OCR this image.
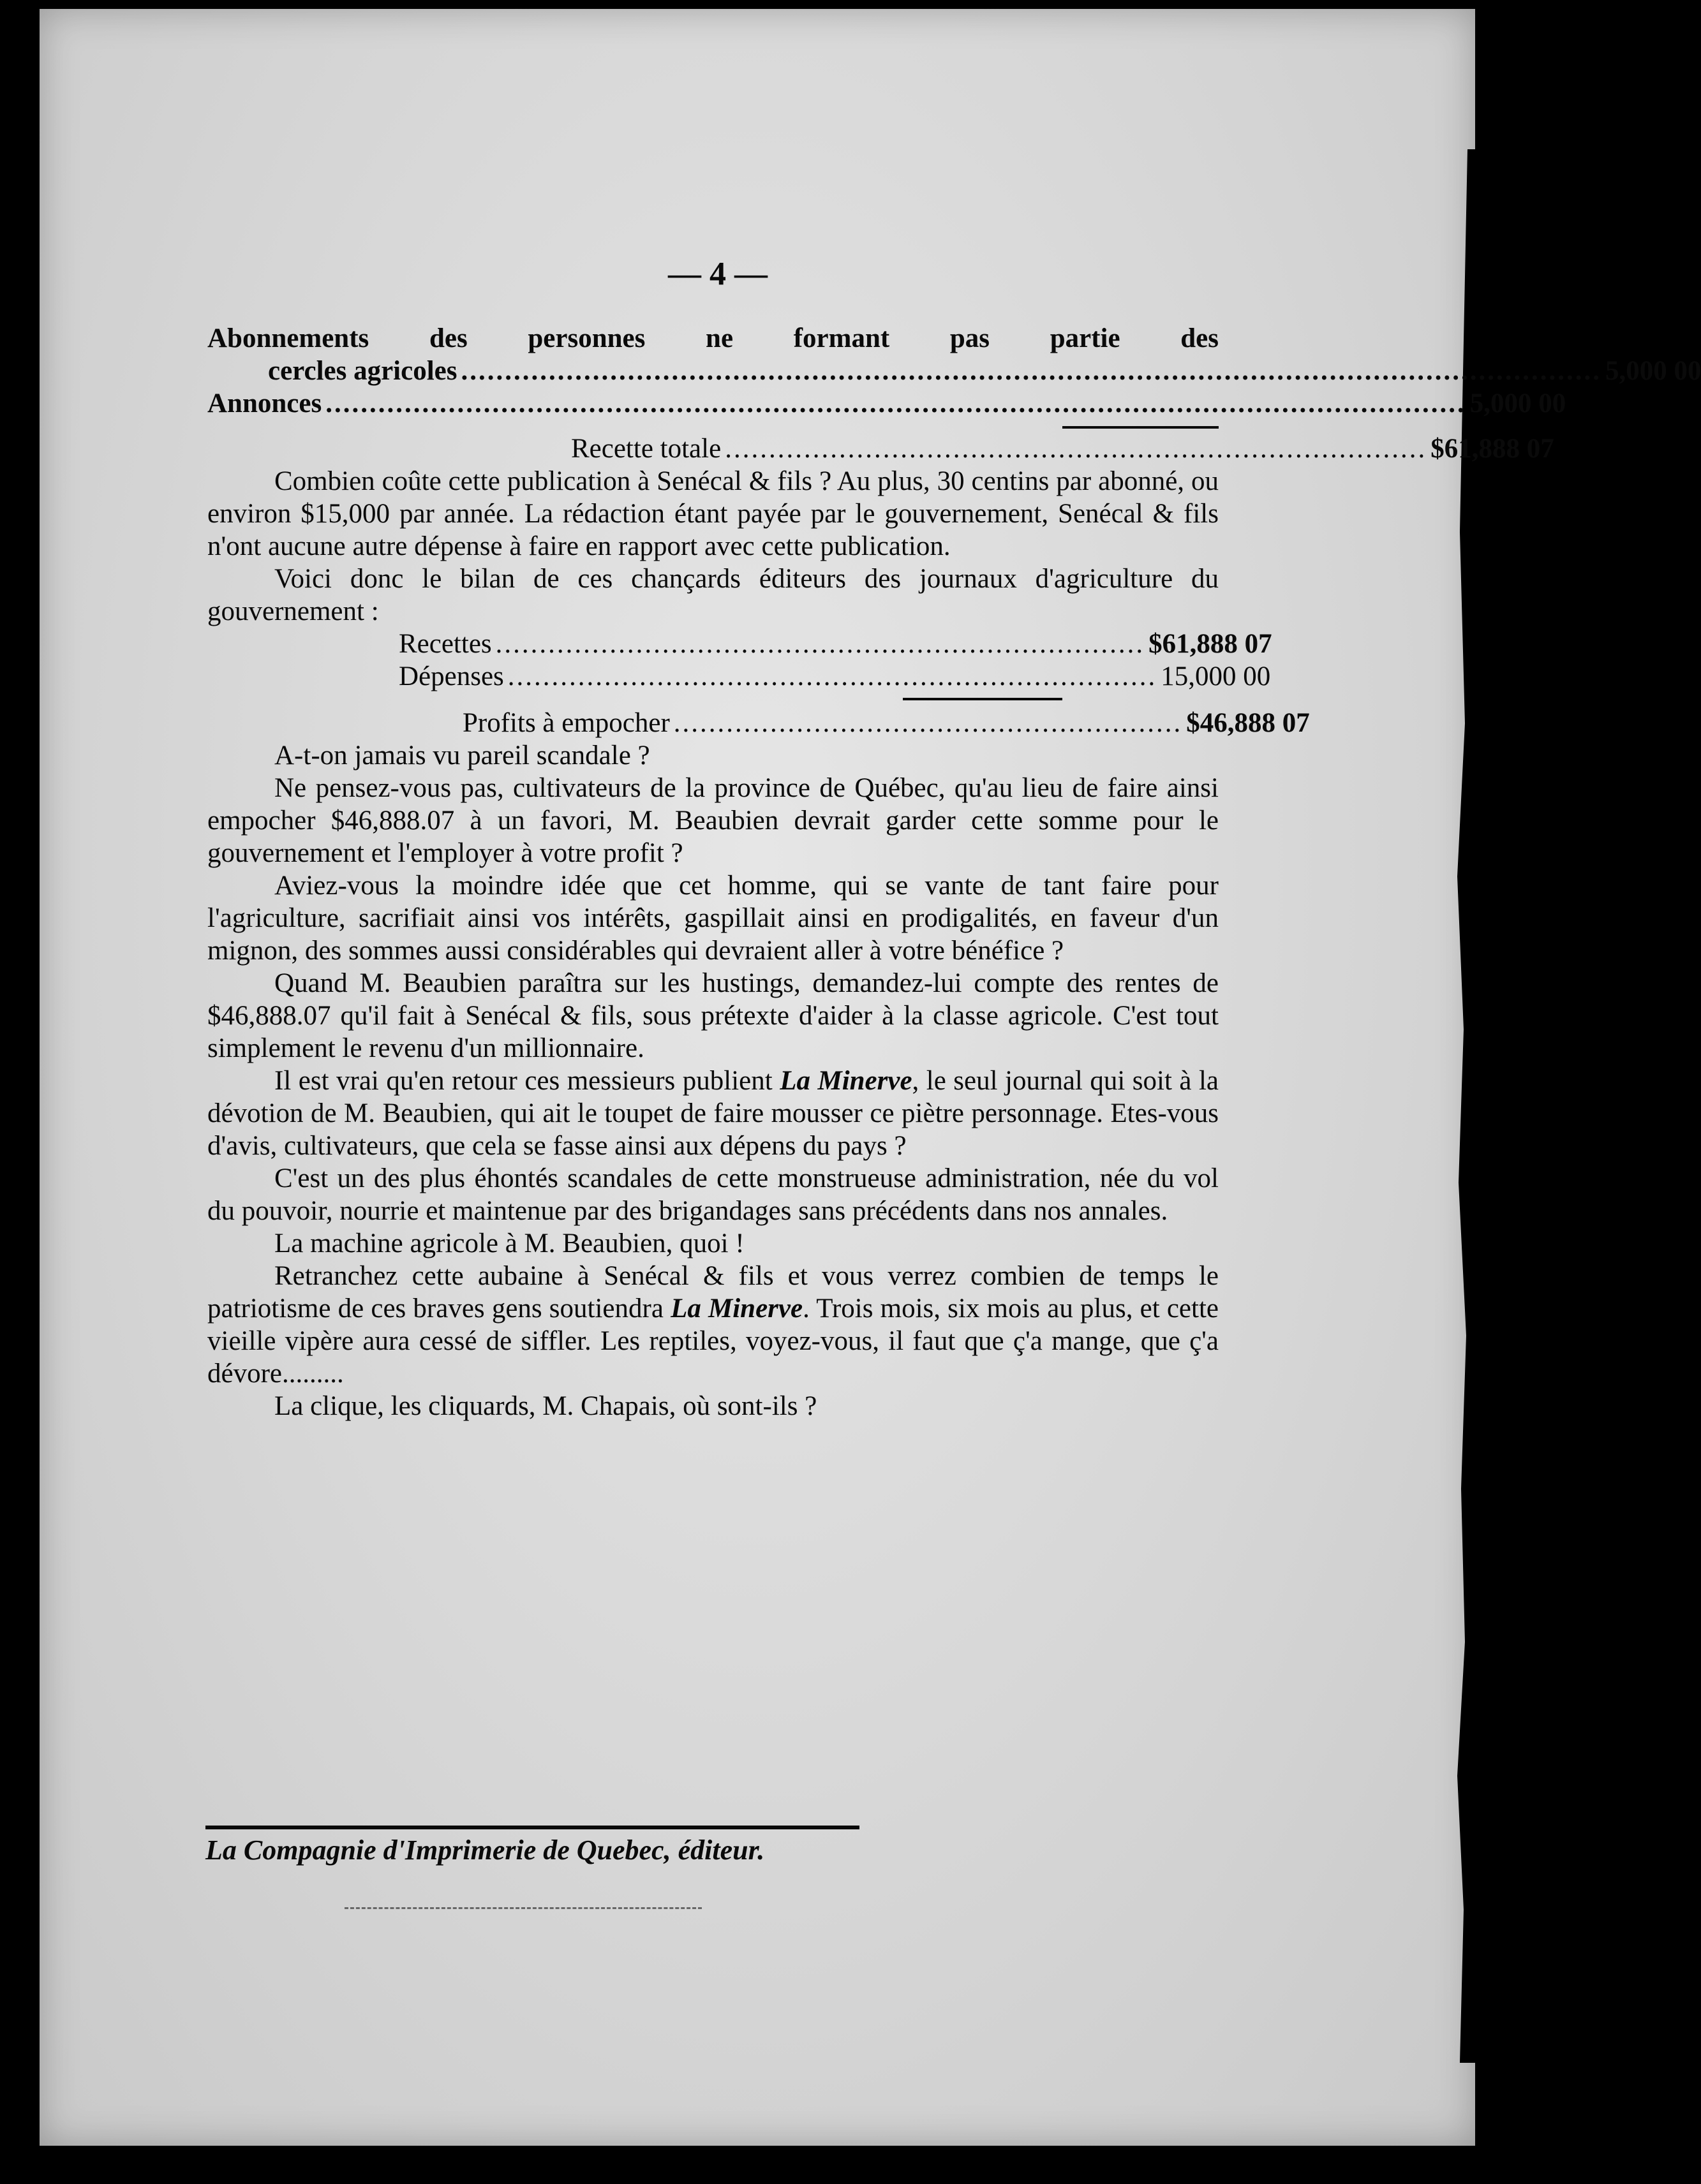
— 4 —
Abonnements des personnes ne formant pas partie des
cercles agricoles .................................................................................................................................. 5,000 00
Annonces .................................................................................................................................. 5,000 00
Recette totale ................................................................................ $61,888 07

Combien coûte cette publication à Senécal & fils ? Au plus, 30 centins par abonné, ou environ $15,000 par année. La rédaction étant payée par le gouvernement, Senécal & fils n'ont aucune autre dépense à faire en rapport avec cette publication.

Voici donc le bilan de ces chançards éditeurs des journaux d'agriculture du gouvernement :

Recettes .......................................................................... $61,888 07
Dépenses .......................................................................... 15,000 00
Profits à empocher .......................................................... $46,888 07

A-t-on jamais vu pareil scandale ?

Ne pensez-vous pas, cultivateurs de la province de Québec, qu'au lieu de faire ainsi empocher $46,888.07 à un favori, M. Beaubien devrait garder cette somme pour le gouvernement et l'employer à votre profit ?

Aviez-vous la moindre idée que cet homme, qui se vante de tant faire pour l'agriculture, sacrifiait ainsi vos intérêts, gaspillait ainsi en prodigalités, en faveur d'un mignon, des sommes aussi considérables qui devraient aller à votre bénéfice ?

Quand M. Beaubien paraîtra sur les hustings, demandez-lui compte des rentes de $46,888.07 qu'il fait à Senécal & fils, sous prétexte d'aider à la classe agricole. C'est tout simplement le revenu d'un millionnaire.

Il est vrai qu'en retour ces messieurs publient La Minerve, le seul journal qui soit à la dévotion de M. Beaubien, qui ait le toupet de faire mousser ce piètre personnage. Etes-vous d'avis, cultivateurs, que cela se fasse ainsi aux dépens du pays ?

C'est un des plus éhontés scandales de cette monstrueuse administration, née du vol du pouvoir, nourrie et maintenue par des brigandages sans précédents dans nos annales.

La machine agricole à M. Beaubien, quoi !

Retranchez cette aubaine à Senécal & fils et vous verrez combien de temps le patriotisme de ces braves gens soutiendra La Minerve. Trois mois, six mois au plus, et cette vieille vipère aura cessé de siffler. Les reptiles, voyez-vous, il faut que ç'a mange, que ç'a dévore.........

La clique, les cliquards, M. Chapais, où sont-ils ?

La Compagnie d'Imprimerie de Quebec, éditeur.
